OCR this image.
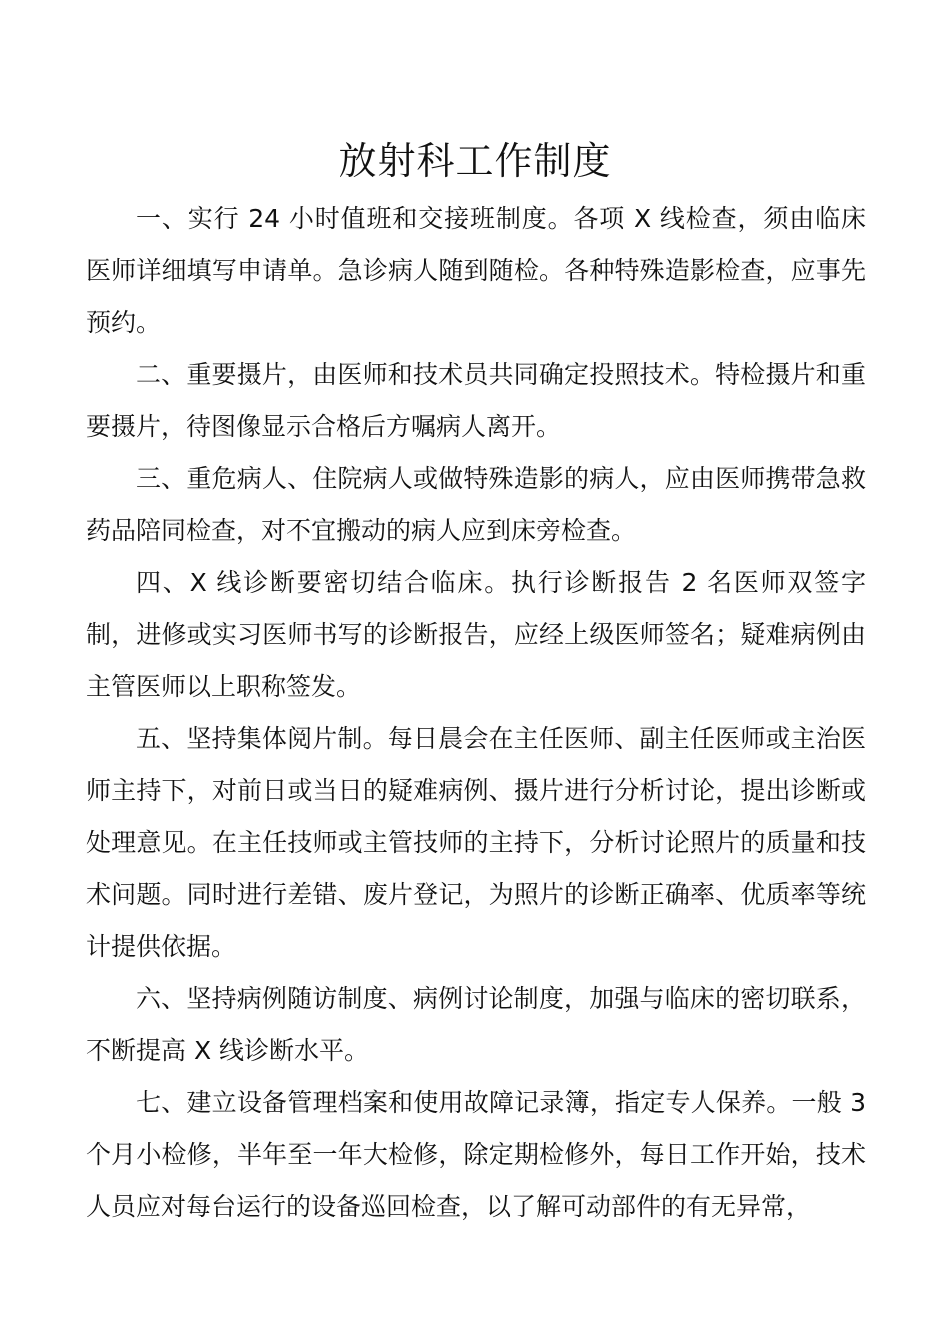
放射科工作制度

一、实行 24 小时值班和交接班制度。各项 X 线检查，须由临床医师详细填写申请单。急诊病人随到随检。各种特殊造影检查，应事先预约。

二、重要摄片，由医师和技术员共同确定投照技术。特检摄片和重要摄片，待图像显示合格后方嘱病人离开。

三、重危病人、住院病人或做特殊造影的病人，应由医师携带急救药品陪同检查，对不宜搬动的病人应到床旁检查。

四、X 线诊断要密切结合临床。执行诊断报告 2 名医师双签字制，进修或实习医师书写的诊断报告，应经上级医师签名；疑难病例由主管医师以上职称签发。

五、坚持集体阅片制。每日晨会在主任医师、副主任医师或主治医师主持下，对前日或当日的疑难病例、摄片进行分析讨论，提出诊断或处理意见。在主任技师或主管技师的主持下，分析讨论照片的质量和技术问题。同时进行差错、废片登记，为照片的诊断正确率、优质率等统计提供依据。

六、坚持病例随访制度、病例讨论制度，加强与临床的密切联系，不断提高 X 线诊断水平。

七、建立设备管理档案和使用故障记录簿，指定专人保养。一般 3 个月小检修，半年至一年大检修，除定期检修外，每日工作开始，技术人员应对每台运行的设备巡回检查，以了解可动部件的有无异常，
